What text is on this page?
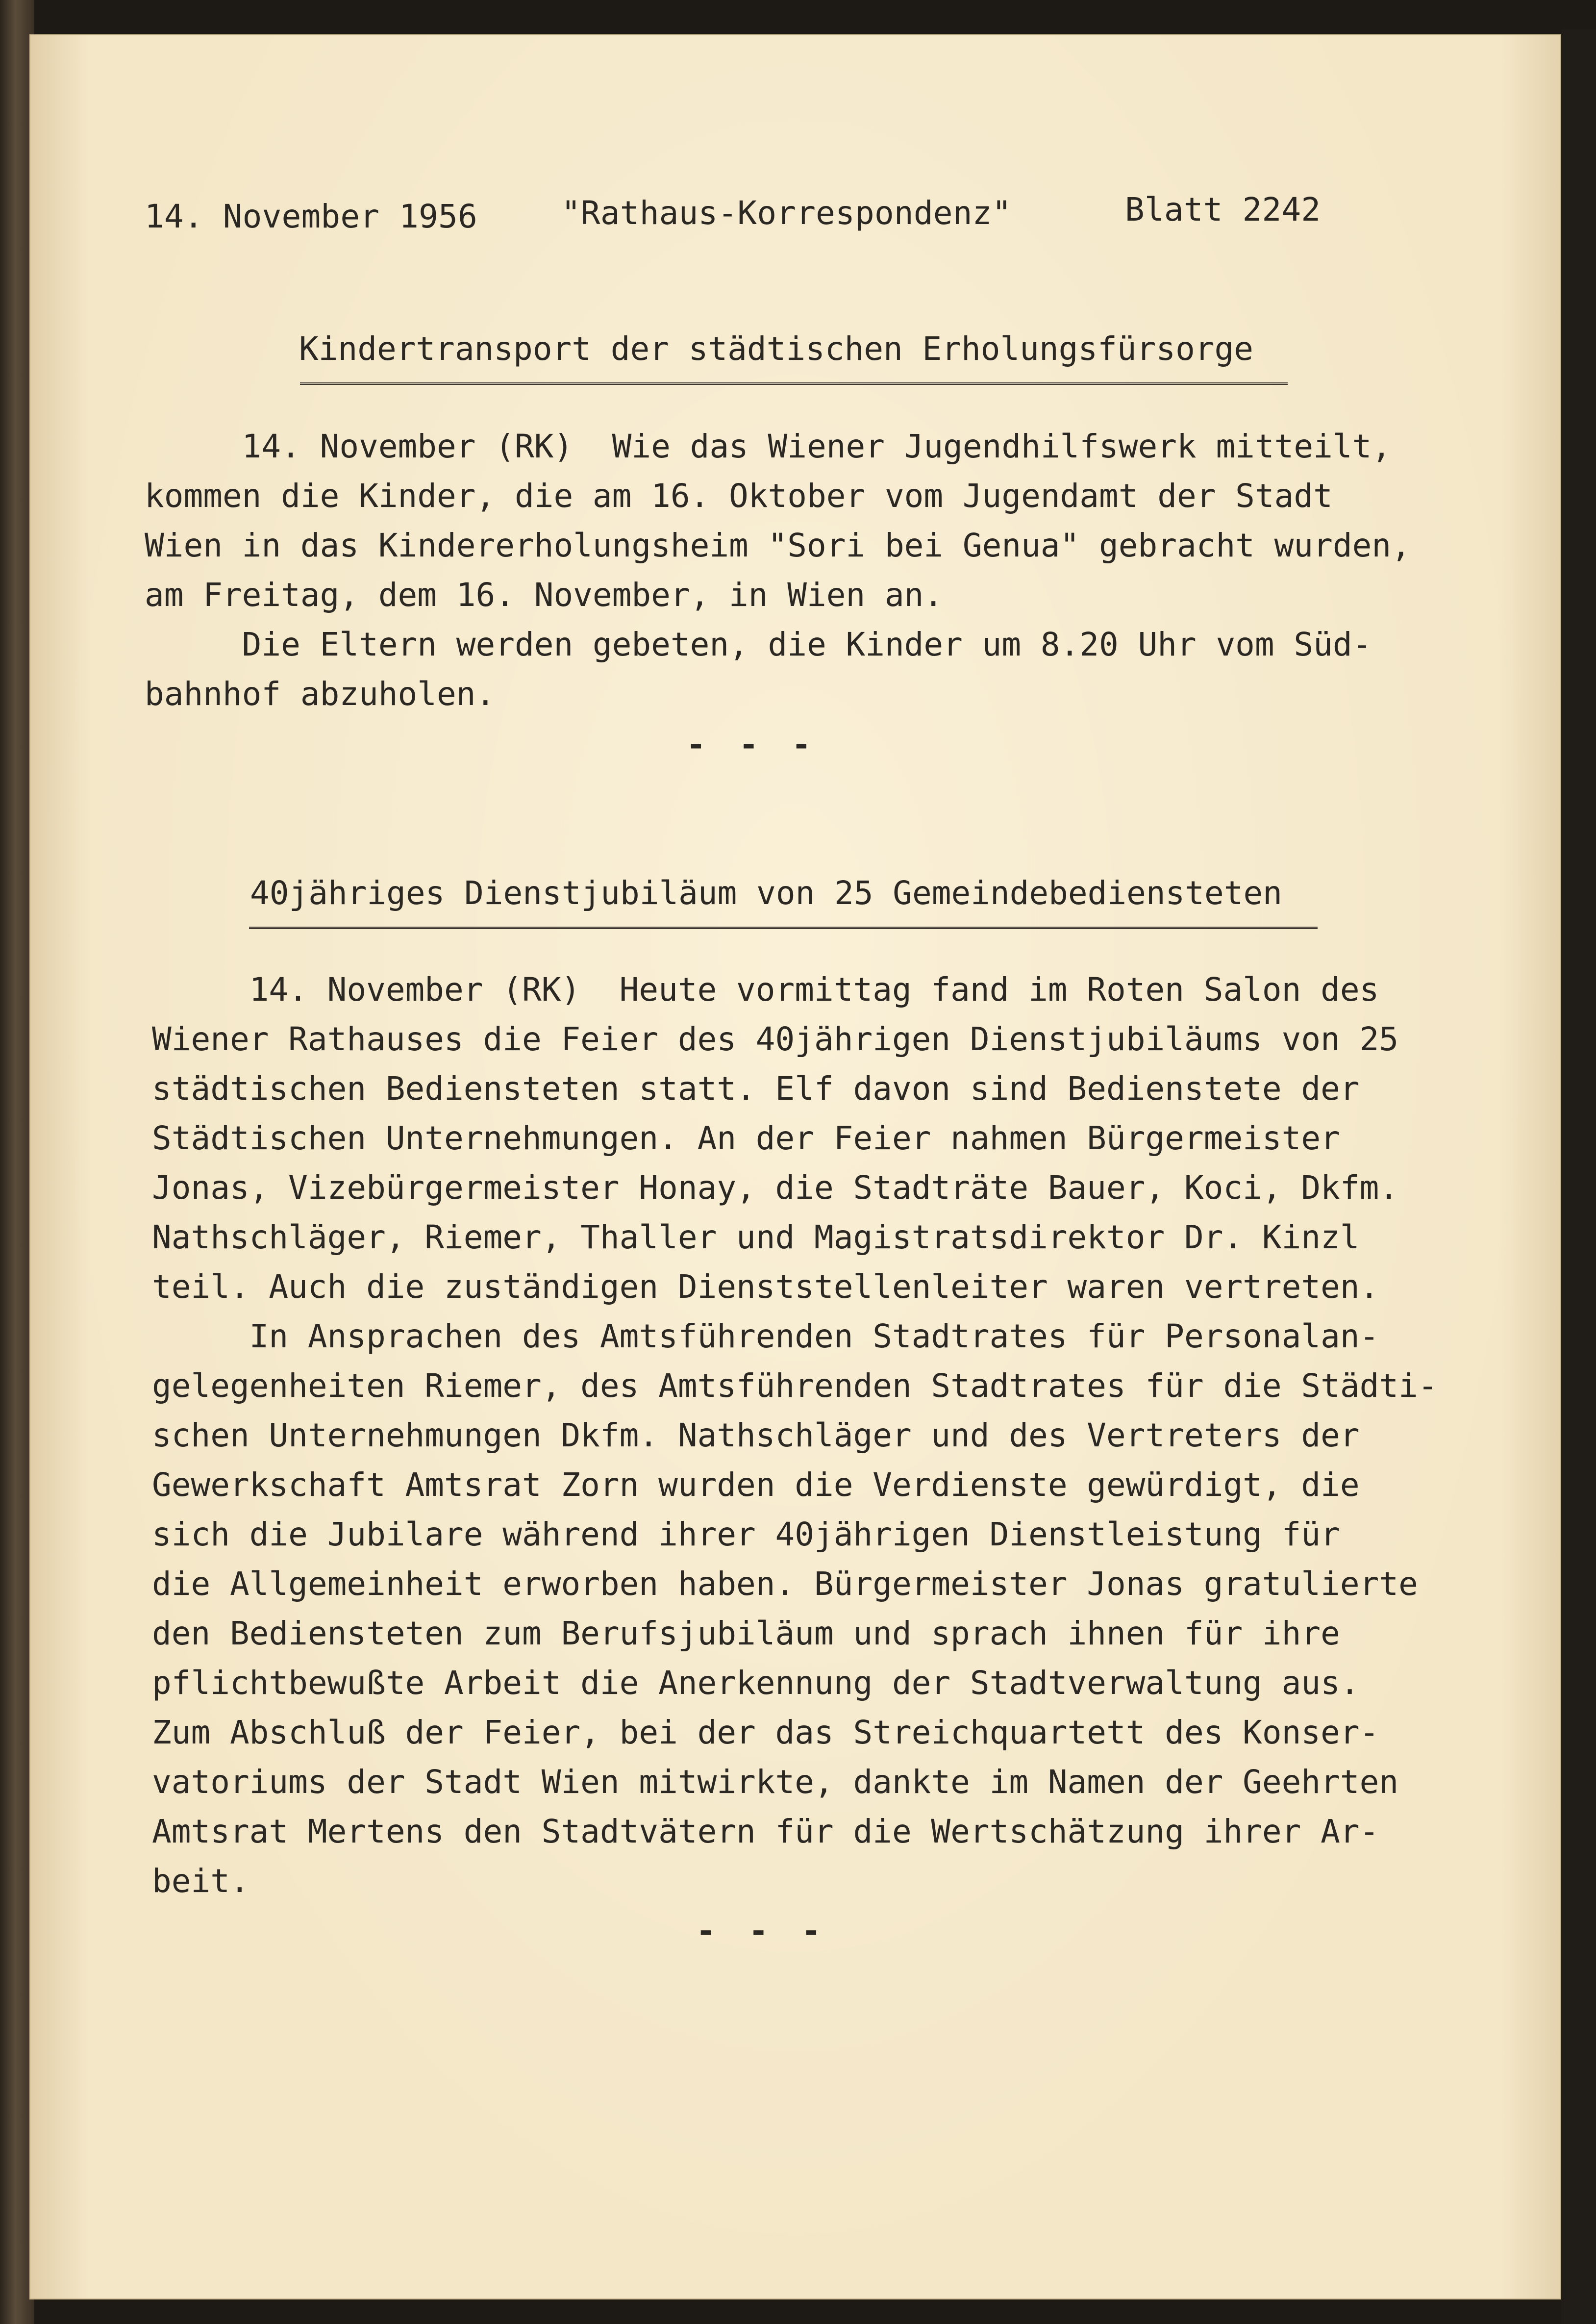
14. November 1956	"Rathaus-Korrespondenz"	Blatt 2242
Kindertransport der städtischen Erholungsfürsorge
14. November (RK)  Wie das Wiener Jugendhilfswerk mitteilt,
kommen die Kinder, die am 16. Oktober vom Jugendamt der Stadt
Wien in das Kindererholungsheim "Sori bei Genua" gebracht wurden,
am Freitag, dem 16. November, in Wien an.
Die Eltern werden gebeten, die Kinder um 8.20 Uhr vom Süd-
bahnhof abzuholen.
- - -
40jähriges Dienstjubiläum von 25 Gemeindebediensteten
14. November (RK)  Heute vormittag fand im Roten Salon des
Wiener Rathauses die Feier des 40jährigen Dienstjubiläums von 25
städtischen Bediensteten statt. Elf davon sind Bedienstete der
Städtischen Unternehmungen. An der Feier nahmen Bürgermeister
Jonas, Vizebürgermeister Honay, die Stadträte Bauer, Koci, Dkfm.
Nathschläger, Riemer, Thaller und Magistratsdirektor Dr. Kinzl
teil. Auch die zuständigen Dienststellenleiter waren vertreten.
In Ansprachen des Amtsführenden Stadtrates für Personalan-
gelegenheiten Riemer, des Amtsführenden Stadtrates für die Städti-
schen Unternehmungen Dkfm. Nathschläger und des Vertreters der
Gewerkschaft Amtsrat Zorn wurden die Verdienste gewürdigt, die
sich die Jubilare während ihrer 40jährigen Dienstleistung für
die Allgemeinheit erworben haben. Bürgermeister Jonas gratulierte
den Bediensteten zum Berufsjubiläum und sprach ihnen für ihre
pflichtbewußte Arbeit die Anerkennung der Stadtverwaltung aus.
Zum Abschluß der Feier, bei der das Streichquartett des Konser-
vatoriums der Stadt Wien mitwirkte, dankte im Namen der Geehrten
Amtsrat Mertens den Stadtvätern für die Wertschätzung ihrer Ar-
beit.
- - -
